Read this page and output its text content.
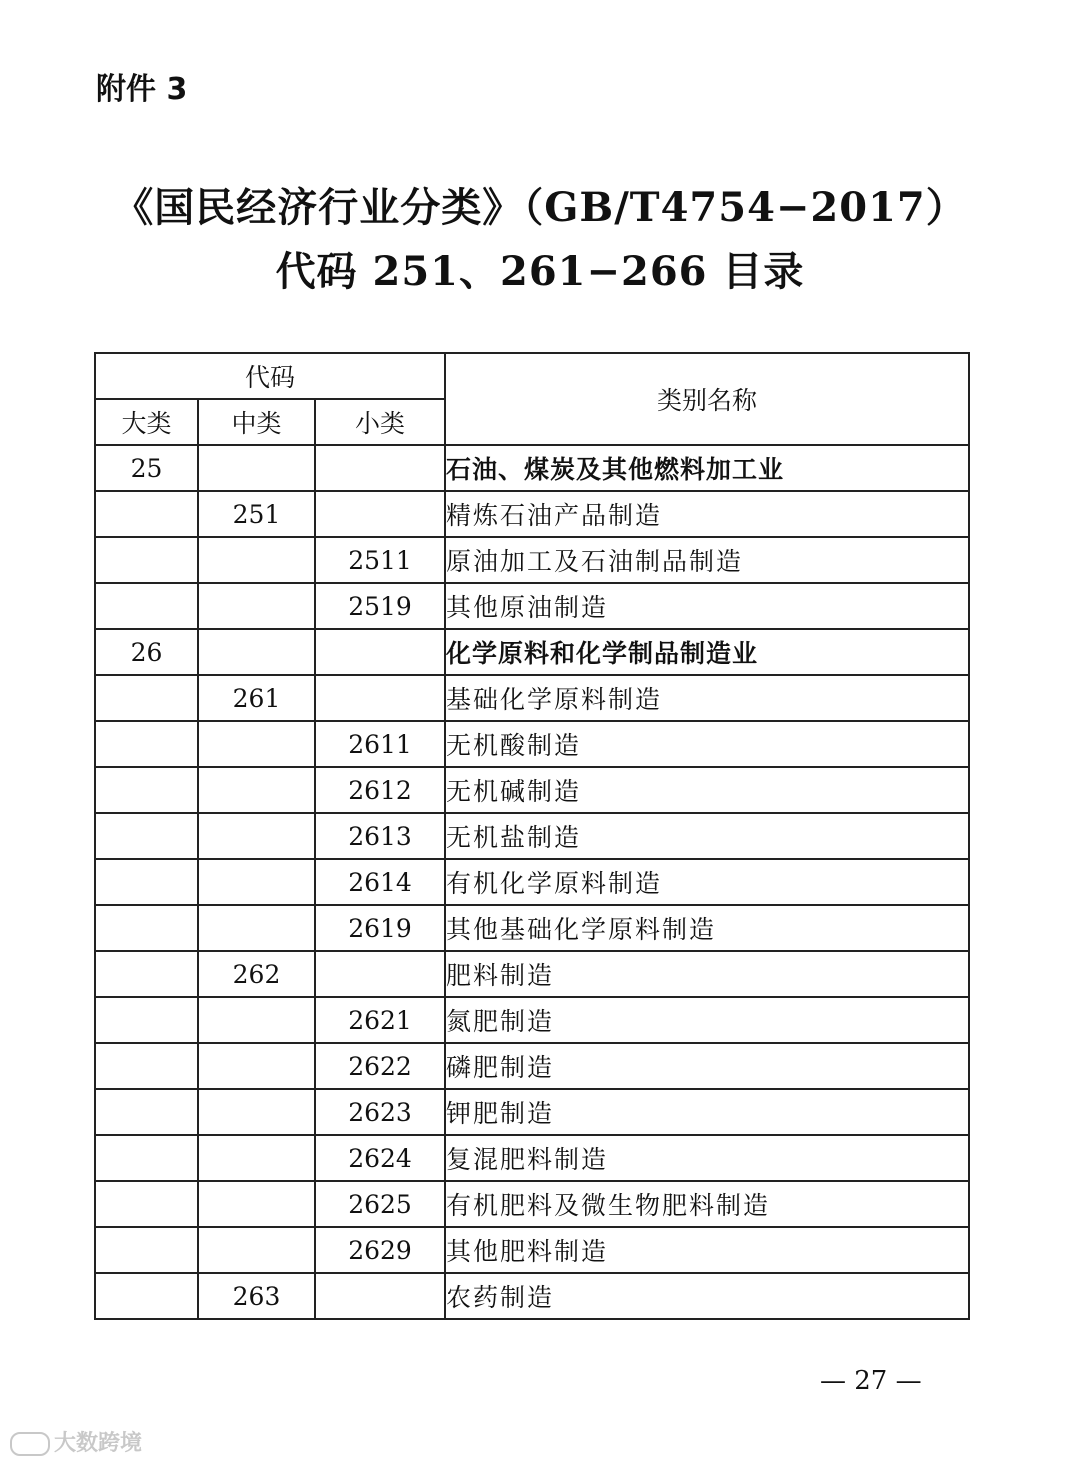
附件 3
《国民经济行业分类》（GB/T4754−2017）
代码 251、261−266 目录
代码			类别名称
大类	中类	小类	
25			石油、煤炭及其他燃料加工业
	251		精炼石油产品制造
		2511	原油加工及石油制品制造
		2519	其他原油制造
26			化学原料和化学制品制造业
	261		基础化学原料制造
		2611	无机酸制造
		2612	无机碱制造
		2613	无机盐制造
		2614	有机化学原料制造
		2619	其他基础化学原料制造
	262		肥料制造
		2621	氮肥制造
		2622	磷肥制造
		2623	钾肥制造
		2624	复混肥料制造
		2625	有机肥料及微生物肥料制造
		2629	其他肥料制造
	263		农药制造
— 27 —
大数跨境
